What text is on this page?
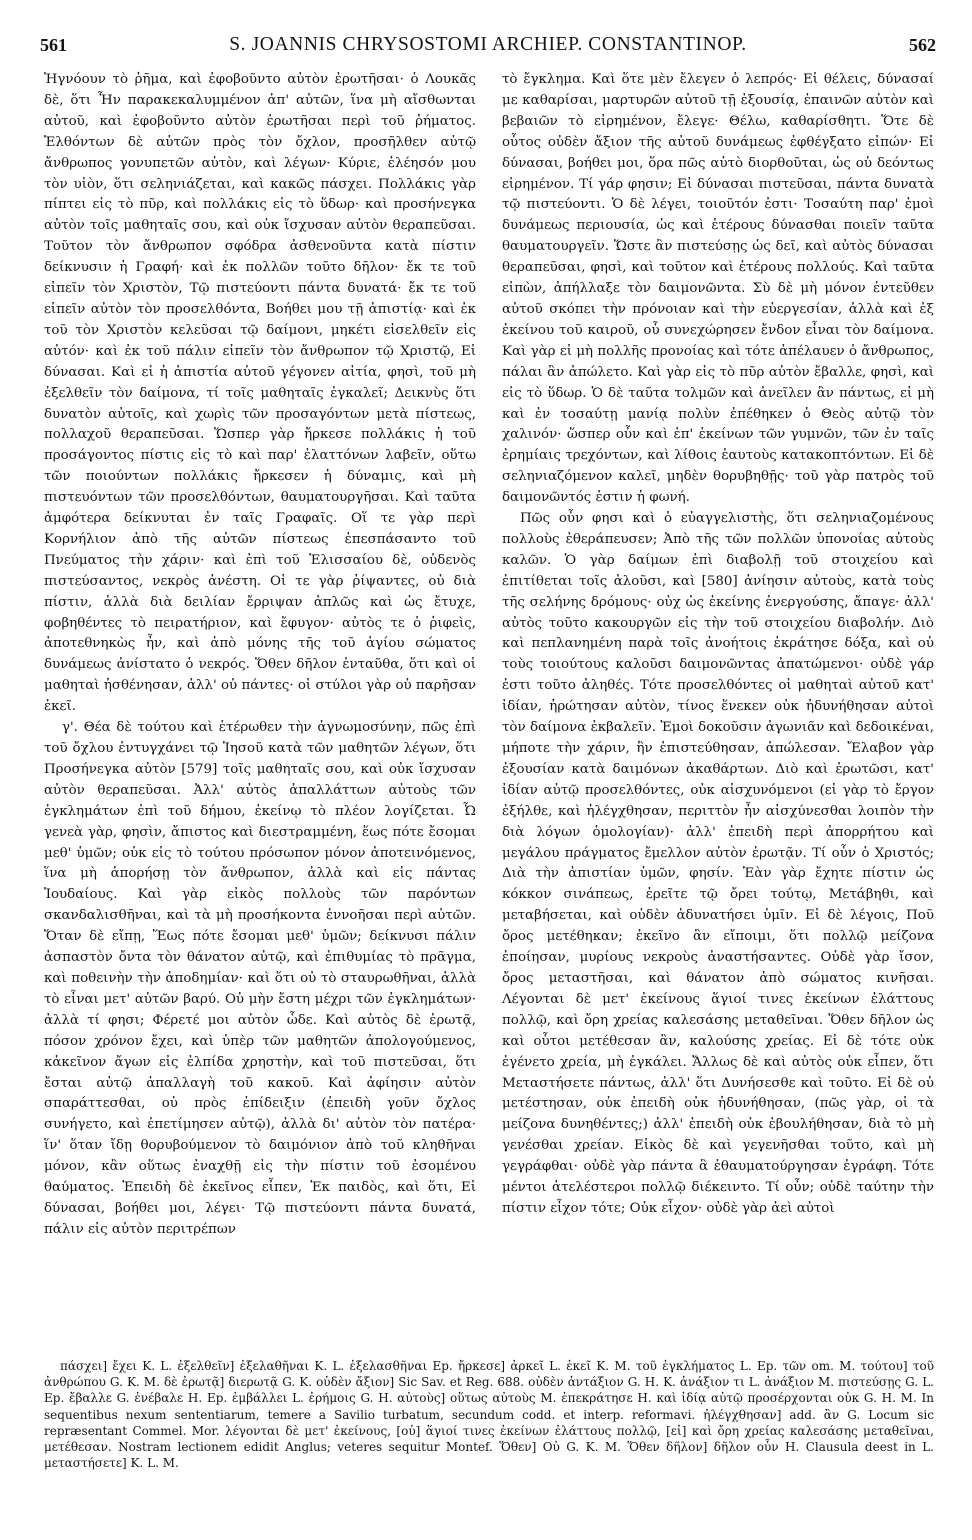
561	S. JOANNIS CHRYSOSTOMI ARCHIEP. CONSTANTINOP.	562

Ἠγνόουν τὸ ῥῆμα, καὶ ἐφοβοῦντο αὐτὸν ἐρωτῆσαι· ὁ Λουκᾶς δὲ, ὅτι Ἦν παρακεκαλυμμένον ἀπ' αὐτῶν, ἵνα μὴ αἴσθωνται αὐτοῦ, καὶ ἐφοβοῦντο αὐτὸν ἐρωτῆσαι περὶ τοῦ ῥήματος. Ἐλθόντων δὲ αὐτῶν πρὸς τὸν ὄχλον, προσῆλθεν αὐτῷ ἄνθρωπος γονυπετῶν αὐτὸν, καὶ λέγων· Κύριε, ἐλέησόν μου τὸν υἱὸν, ὅτι σεληνιάζεται, καὶ κακῶς πάσχει. Πολλάκις γὰρ πίπτει εἰς τὸ πῦρ, καὶ πολλάκις εἰς τὸ ὕδωρ· καὶ προσήνεγκα αὐτὸν τοῖς μαθηταῖς σου, καὶ οὐκ ἴσχυσαν αὐτὸν θεραπεῦσαι. Τοῦτον τὸν ἄνθρωπον σφόδρα ἀσθενοῦντα κατὰ πίστιν δείκνυσιν ἡ Γραφή· καὶ ἐκ πολλῶν τοῦτο δῆλον· ἔκ τε τοῦ εἰπεῖν τὸν Χριστὸν, Τῷ πιστεύοντι πάντα δυνατά· ἔκ τε τοῦ εἰπεῖν αὐτὸν τὸν προσελθόντα, Βοήθει μου τῇ ἀπιστίᾳ· καὶ ἐκ τοῦ τὸν Χριστὸν κελεῦσαι τῷ δαίμονι, μηκέτι εἰσελθεῖν εἰς αὐτόν· καὶ ἐκ τοῦ πάλιν εἰπεῖν τὸν ἄνθρωπον τῷ Χριστῷ, Εἰ δύνασαι. Καὶ εἰ ἡ ἀπιστία αὐτοῦ γέγονεν αἰτία, φησὶ, τοῦ μὴ ἐξελθεῖν τὸν δαίμονα, τί τοῖς μαθηταῖς ἐγκαλεῖ; Δεικνὺς ὅτι δυνατὸν αὐτοῖς, καὶ χωρὶς τῶν προσαγόντων μετὰ πίστεως, πολλαχοῦ θεραπεῦσαι. Ὥσπερ γὰρ ἤρκεσε πολλάκις ἡ τοῦ προσάγοντος πίστις εἰς τὸ καὶ παρ' ἐλαττόνων λαβεῖν, οὕτω τῶν ποιούντων πολλάκις ἤρκεσεν ἡ δύναμις, καὶ μὴ πιστευόντων τῶν προσελθόντων, θαυματουργῆσαι. Καὶ ταῦτα ἀμφότερα δείκνυται ἐν ταῖς Γραφαῖς. Οἵ τε γὰρ περὶ Κορνήλιον ἀπὸ τῆς αὐτῶν πίστεως ἐπεσπάσαντο τοῦ Πνεύματος τὴν χάριν· καὶ ἐπὶ τοῦ Ἐλισσαίου δὲ, οὐδενὸς πιστεύσαντος, νεκρὸς ἀνέστη. Οἱ τε γὰρ ῥίψαντες, οὐ διὰ πίστιν, ἀλλὰ διὰ δειλίαν ἔρριψαν ἁπλῶς καὶ ὡς ἔτυχε, φοβηθέντες τὸ πειρατήριον, καὶ ἔφυγον· αὐτὸς τε ὁ ῥιφεὶς, ἀποτεθνηκὼς ἦν, καὶ ἀπὸ μόνης τῆς τοῦ ἁγίου σώματος δυνάμεως ἀνίστατο ὁ νεκρός. Ὅθεν δῆλον ἐνταῦθα, ὅτι καὶ οἱ μαθηταὶ ἠσθένησαν, ἀλλ' οὐ πάντες· οἱ στύλοι γὰρ οὐ παρῆσαν ἐκεῖ.

γ'. Θέα δὲ τούτου καὶ ἑτέρωθεν τὴν ἀγνωμοσύνην, πῶς ἐπὶ τοῦ ὄχλου ἐντυγχάνει τῷ Ἰησοῦ κατὰ τῶν μαθητῶν λέγων, ὅτι Προσήνεγκα αὐτὸν [579] τοῖς μαθηταῖς σου, καὶ οὐκ ἴσχυσαν αὐτὸν θεραπεῦσαι. Ἀλλ' αὐτὸς ἀπαλλάττων αὐτοὺς τῶν ἐγκλημάτων ἐπὶ τοῦ δήμου, ἐκείνῳ τὸ πλέον λογίζεται. Ὦ γενεὰ γὰρ, φησὶν, ἄπιστος καὶ διεστραμμένη, ἕως πότε ἔσομαι μεθ' ὑμῶν; οὐκ εἰς τὸ τούτου πρόσωπον μόνον ἀποτεινόμενος, ἵνα μὴ ἀπορήσῃ τὸν ἄνθρωπον, ἀλλὰ καὶ εἰς πάντας Ἰουδαίους. Καὶ γὰρ εἰκὸς πολλοὺς τῶν παρόντων σκανδαλισθῆναι, καὶ τὰ μὴ προσήκοντα ἐννοῆσαι περὶ αὐτῶν. Ὅταν δὲ εἴπῃ, Ἕως πότε ἔσομαι μεθ' ὑμῶν; δείκνυσι πάλιν ἀσπαστὸν ὄντα τὸν θάνατον αὐτῷ, καὶ ἐπιθυμίας τὸ πρᾶγμα, καὶ ποθεινὴν τὴν ἀποδημίαν· καὶ ὅτι οὐ τὸ σταυρωθῆναι, ἀλλὰ τὸ εἶναι μετ' αὐτῶν βαρύ. Οὐ μὴν ἔστη μέχρι τῶν ἐγκλημάτων· ἀλλὰ τί φησι; Φέρετέ μοι αὐτὸν ὧδε. Καὶ αὐτὸς δὲ ἐρωτᾷ, πόσον χρόνον ἔχει, καὶ ὑπὲρ τῶν μαθητῶν ἀπολογούμενος, κἀκεῖνον ἄγων εἰς ἐλπίδα χρηστὴν, καὶ τοῦ πιστεῦσαι, ὅτι ἔσται αὐτῷ ἀπαλλαγὴ τοῦ κακοῦ. Καὶ ἀφίησιν αὐτὸν σπαράττεσθαι, οὐ πρὸς ἐπίδειξιν (ἐπειδὴ γοῦν ὄχλος συνήγετο, καὶ ἐπετίμησεν αὐτῷ), ἀλλὰ δι' αὐτὸν τὸν πατέρα· ἵν' ὅταν ἴδῃ θορυβούμενον τὸ δαιμόνιον ἀπὸ τοῦ κληθῆναι μόνον, κἂν οὕτως ἐναχθῇ εἰς τὴν πίστιν τοῦ ἐσομένου θαύματος. Ἐπειδὴ δὲ ἐκεῖνος εἶπεν, Ἐκ παιδὸς, καὶ ὅτι, Εἰ δύνασαι, βοήθει μοι, λέγει· Τῷ πιστεύοντι πάντα δυνατά, πάλιν εἰς αὐτὸν περιτρέπων

τὸ ἔγκλημα. Καὶ ὅτε μὲν ἔλεγεν ὁ λεπρός· Εἰ θέλεις, δύνασαί με καθαρίσαι, μαρτυρῶν αὐτοῦ τῇ ἐξουσίᾳ, ἐπαινῶν αὐτὸν καὶ βεβαιῶν τὸ εἰρημένον, ἔλεγε· Θέλω, καθαρίσθητι. Ὅτε δὲ οὗτος οὐδὲν ἄξιον τῆς αὐτοῦ δυνάμεως ἐφθέγξατο εἰπών· Εἰ δύνασαι, βοήθει μοι, ὅρα πῶς αὐτὸ διορθοῦται, ὡς οὐ δεόντως εἰρημένον. Τί γάρ φησιν; Εἰ δύνασαι πιστεῦσαι, πάντα δυνατὰ τῷ πιστεύοντι. Ὁ δὲ λέγει, τοιοῦτόν ἐστι· Τοσαύτη παρ' ἐμοὶ δυνάμεως περιουσία, ὡς καὶ ἑτέρους δύνασθαι ποιεῖν ταῦτα θαυματουργεῖν. Ὥστε ἂν πιστεύσῃς ὡς δεῖ, καὶ αὐτὸς δύνασαι θεραπεῦσαι, φησὶ, καὶ τοῦτον καὶ ἑτέρους πολλούς. Καὶ ταῦτα εἰπὼν, ἀπήλλαξε τὸν δαιμονῶντα. Σὺ δὲ μὴ μόνον ἐντεῦθεν αὐτοῦ σκόπει τὴν πρόνοιαν καὶ τὴν εὐεργεσίαν, ἀλλὰ καὶ ἐξ ἐκείνου τοῦ καιροῦ, οὗ συνεχώρησεν ἔνδον εἶναι τὸν δαίμονα. Καὶ γὰρ εἰ μὴ πολλῆς προνοίας καὶ τότε ἀπέλαυεν ὁ ἄνθρωπος, πάλαι ἂν ἀπώλετο. Καὶ γὰρ εἰς τὸ πῦρ αὐτὸν ἔβαλλε, φησὶ, καὶ εἰς τὸ ὕδωρ. Ὁ δὲ ταῦτα τολμῶν καὶ ἀνεῖλεν ἂν πάντως, εἰ μὴ καὶ ἐν τοσαύτῃ μανίᾳ πολὺν ἐπέθηκεν ὁ Θεὸς αὐτῷ τὸν χαλινόν· ὥσπερ οὖν καὶ ἐπ' ἐκείνων τῶν γυμνῶν, τῶν ἐν ταῖς ἐρημίαις τρεχόντων, καὶ λίθοις ἑαυτοὺς κατακοπτόντων. Εἰ δὲ σεληνιαζόμενον καλεῖ, μηδὲν θορυβηθῇς· τοῦ γὰρ πατρὸς τοῦ δαιμονῶντός ἐστιν ἡ φωνή.

Πῶς οὖν φησι καὶ ὁ εὐαγγελιστὴς, ὅτι σεληνιαζομένους πολλοὺς ἐθεράπευσεν; Ἀπὸ τῆς τῶν πολλῶν ὑπονοίας αὐτοὺς καλῶν. Ὁ γὰρ δαίμων ἐπὶ διαβολῇ τοῦ στοιχείου καὶ ἐπιτίθεται τοῖς ἁλοῦσι, καὶ [580] ἀνίησιν αὐτοὺς, κατὰ τοὺς τῆς σελήνης δρόμους· οὐχ ὡς ἐκείνης ἐνεργούσης, ἄπαγε· ἀλλ' αὐτὸς τοῦτο κακουργῶν εἰς τὴν τοῦ στοιχείου διαβολήν. Διὸ καὶ πεπλανημένη παρὰ τοῖς ἀνοήτοις ἐκράτησε δόξα, καὶ οὐ τοὺς τοιούτους καλοῦσι δαιμονῶντας ἀπατώμενοι· οὐδὲ γάρ ἐστι τοῦτο ἀληθές. Τότε προσελθόντες οἱ μαθηταὶ αὐτοῦ κατ' ἰδίαν, ἠρώτησαν αὐτὸν, τίνος ἕνεκεν οὐκ ἠδυνήθησαν αὐτοὶ τὸν δαίμονα ἐκβαλεῖν. Ἐμοὶ δοκοῦσιν ἀγωνιᾶν καὶ δεδοικέναι, μήποτε τὴν χάριν, ἣν ἐπιστεύθησαν, ἀπώλεσαν. Ἔλαβον γὰρ ἐξουσίαν κατὰ δαιμόνων ἀκαθάρτων. Διὸ καὶ ἐρωτῶσι, κατ' ἰδίαν αὐτῷ προσελθόντες, οὐκ αἰσχυνόμενοι (εἰ γὰρ τὸ ἔργον ἐξήλθε, καὶ ἠλέγχθησαν, περιττὸν ἦν αἰσχύνεσθαι λοιπὸν τὴν διὰ λόγων ὁμολογίαν)· ἀλλ' ἐπειδὴ περὶ ἀπορρήτου καὶ μεγάλου πράγματος ἔμελλον αὐτὸν ἐρωτᾷν. Τί οὖν ὁ Χριστός; Διὰ τὴν ἀπιστίαν ὑμῶν, φησίν. Ἐὰν γὰρ ἔχητε πίστιν ὡς κόκκον σινάπεως, ἐρεῖτε τῷ ὄρει τούτῳ, Μετάβηθι, καὶ μεταβήσεται, καὶ οὐδὲν ἀδυνατήσει ὑμῖν. Εἰ δὲ λέγοις, Ποῦ ὄρος μετέθηκαν; ἐκεῖνο ἂν εἴποιμι, ὅτι πολλῷ μείζονα ἐποίησαν, μυρίους νεκροὺς ἀναστήσαντες. Οὐδὲ γὰρ ἴσον, ὄρος μεταστῆσαι, καὶ θάνατον ἀπὸ σώματος κινῆσαι. Λέγονται δὲ μετ' ἐκείνους ἅγιοί τινες ἐκείνων ἐλάττους πολλῷ, καὶ ὄρη χρείας καλεσάσης μεταθεῖναι. Ὅθεν δῆλον ὡς καὶ οὗτοι μετέθεσαν ἂν, καλούσης χρείας. Εἰ δὲ τότε οὐκ ἐγένετο χρεία, μὴ ἐγκάλει. Ἄλλως δὲ καὶ αὐτὸς οὐκ εἶπεν, ὅτι Μεταστήσετε πάντως, ἀλλ' ὅτι Δυνήσεσθε καὶ τοῦτο. Εἰ δὲ οὐ μετέστησαν, οὐκ ἐπειδὴ οὐκ ἠδυνήθησαν, (πῶς γὰρ, οἱ τὰ μείζονα δυνηθέντες;) ἀλλ' ἐπειδὴ οὐκ ἐβουλήθησαν, διὰ τὸ μὴ γενέσθαι χρείαν. Εἰκὸς δὲ καὶ γεγενῆσθαι τοῦτο, καὶ μὴ γεγράφθαι· οὐδὲ γὰρ πάντα ἃ ἐθαυματούργησαν ἐγράφη. Τότε μέντοι ἀτελέστεροι πολλῷ διέκειντο. Τί οὖν; οὐδὲ ταύτην τὴν πίστιν εἶχον τότε; Οὐκ εἶχον· οὐδὲ γὰρ ἀεὶ αὐτοὶ

πάσχει] ἔχει K. L. ἐξελθεῖν] ἐξελαθῆναι K. L. ἐξελασθῆναι Ep. ἤρκεσε] ἀρκεῖ L. ἐκεῖ K. M. τοῦ ἐγκλήματος L. Ep. τῶν om. M. τούτου] τοῦ ἀνθρώπου G. K. M. δὲ ἐρωτᾷ] διερωτᾷ G. K. οὐδὲν ἄξιον] Sic Sav. et Reg. 688. οὐδὲν ἀντάξιον G. H. K. ἀνάξιον τι L. ἀνάξιον M. πιστεύσῃς G. L. Ep. ἔβαλλε G. ἐνέβαλε H. Ep. ἐμβάλλει L. ἐρήμοις G. H. αὐτοὺς] οὕτως αὐτοὺς M. ἐπεκράτησε H. καὶ ἰδίᾳ αὐτῷ προσέρχονται οὐκ G. H. M. In sequentibus nexum sententiarum, temere a Savilio turbatum, secundum codd. et interp. reformavi. ἠλέγχθησαν] add. ἂν G. Locum sic repræsentant Commel. Mor. λέγονται δὲ μετ' ἐκείνους, [οὐ] ἅγιοί τινες ἐκείνων ἐλάττους πολλῷ, [εἰ] καὶ ὄρη χρείας καλεσάσης μεταθεῖναι, μετέθεσαν. Nostram lectionem edidit Anglus; veteres sequitur Montef. Ὅθεν] Οὐ G. K. M. Ὅθεν δῆλον] δῆλον οὖν H. Clausula deest in L. μεταστήσετε] K. L. M.
